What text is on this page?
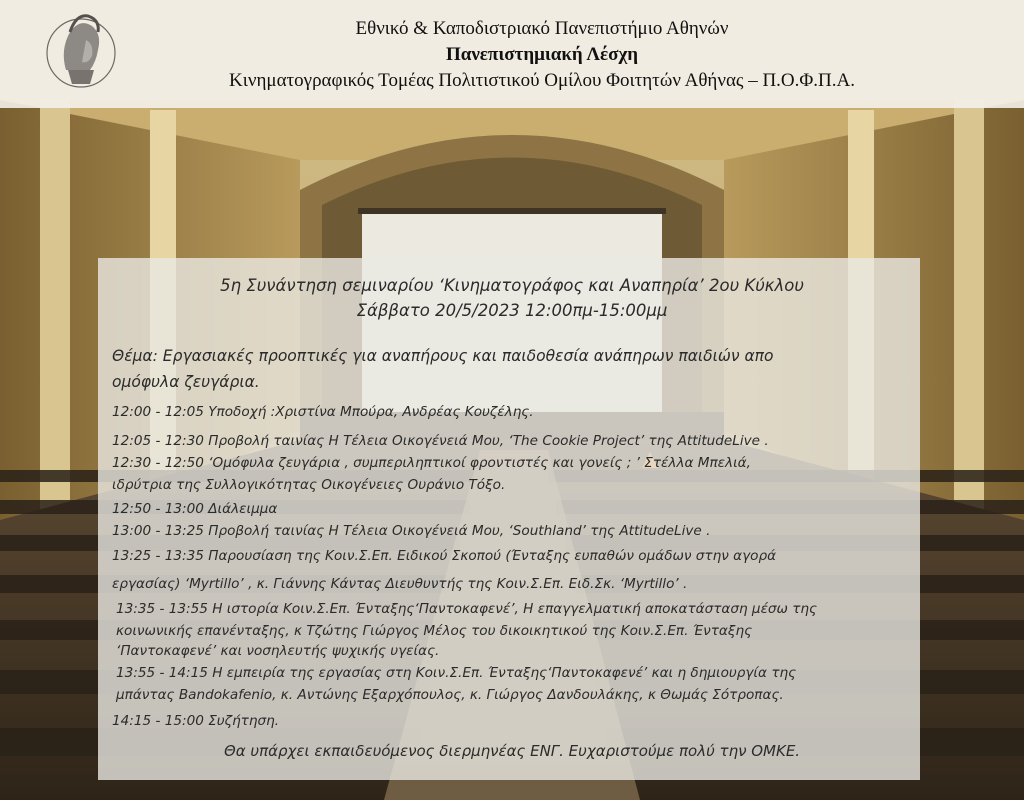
Εθνικό & Καποδιστριακό Πανεπιστήμιο Αθηνών
Πανεπιστημιακή Λέσχη
Κινηματογραφικός Τομέας Πολιτιστικού Ομίλου Φοιτητών Αθήνας – Π.Ο.Φ.Π.Α.
5η Συνάντηση σεμιναρίου ‘Κινηματογράφος και Αναπηρία’ 2ου Κύκλου
Σάββατο 20/5/2023 12:00πμ-15:00μμ
Θέμα: Εργασιακές προοπτικές για αναπήρους και παιδοθεσία ανάπηρων παιδιών απο
ομόφυλα ζευγάρια.
12:00 - 12:05 Υποδοχή :Χριστίνα Μπούρα, Ανδρέας Κουζέλης.
12:05 - 12:30 Προβολή ταινίας Η Τέλεια Οικογένειά Μου, ‘The Cookie Project’ της AttitudeLive .
12:30 - 12:50 ‘Ομόφυλα ζευγάρια , συμπεριληπτικοί φροντιστές και γονείς ; ’ Στέλλα Μπελιά,
ιδρύτρια της Συλλογικότητας Οικογένειες Ουράνιο Τόξο.
12:50 - 13:00 Διάλειμμα
13:00 - 13:25 Προβολή ταινίας Η Τέλεια Οικογένειά Μου, ‘Southland’ της AttitudeLive .
13:25 - 13:35 Παρουσίαση της Κοιν.Σ.Επ. Ειδικού Σκοπού (Ένταξης ευπαθών ομάδων στην αγορά
εργασίας) ‘Myrtillo’ , κ. Γιάννης Κάντας Διευθυντής της Κοιν.Σ.Επ. Ειδ.Σκ. ‘Myrtillo’ .
13:35 - 13:55 Η ιστορία Κοιν.Σ.Επ. Ένταξης‘Παντοκαφενέ’, Η επαγγελματική αποκατάσταση μέσω της
κοινωνικής επανένταξης, κ Τζώτης Γιώργος Μέλος του δικοικητικού της Κοιν.Σ.Επ. Ένταξης
‘Παντοκαφενέ’ και νοσηλευτής ψυχικής υγείας.
13:55 - 14:15 Η εμπειρία της εργασίας στη Κοιν.Σ.Επ. Ένταξης‘Παντοκαφενέ’ και η δημιουργία της
μπάντας Bandokafenio, κ. Αντώνης Εξαρχόπουλος, κ. Γιώργος Δανδουλάκης, κ Θωμάς Σότροπας.
14:15 - 15:00 Συζήτηση.
Θα υπάρχει εκπαιδευόμενος διερμηνέας ΕΝΓ. Ευχαριστούμε πολύ την ΟΜΚΕ.
